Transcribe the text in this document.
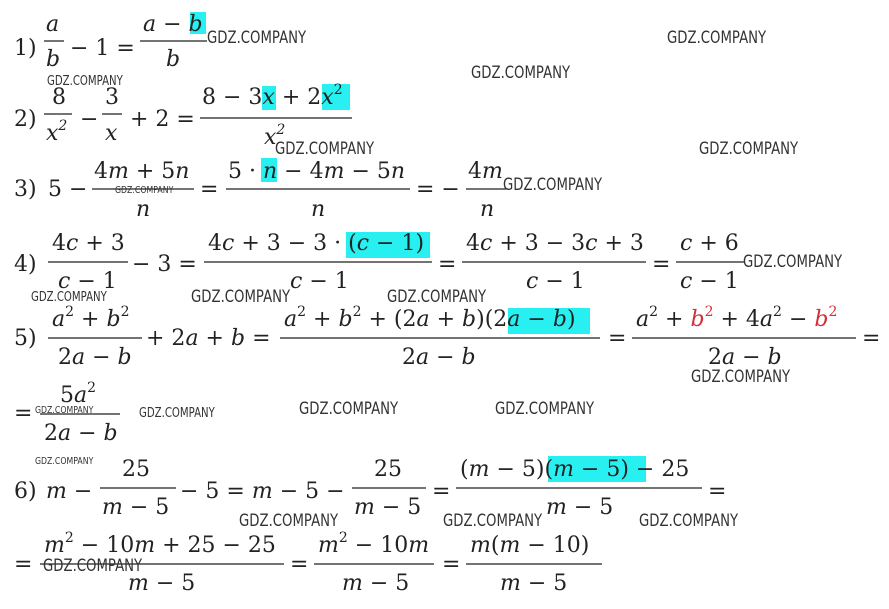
1)
a
b − 1 =
a − b
b
2)
8
$x^2$ −
3
x
+ 2 =
$8 - 3x + 2x^2$
$x^2$
3) 5 −
4m + 5n
n
=
5 · n − 4m − 5n
n
= −
4m
n
4)
4c + 3
c − 1
− 3 =
4c + 3 − 3 · (c − 1)
c − 1
=
4c + 3 − 3c + 3
c − 1
=
c + 6
c − 1
5)
$a^2 + b^2$
2a − b
+ 2a + b =
$a^2 + b^2 + (2a + b)(2a - b)$
2a − b
=
$a^2 + b^2 + 4a^2 - b^2$
2a − b
=
=
$5a^2$
2a − b
6) m −
25
m − 5
− 5 = m − 5 −
25
m − 5
=
(m − 5)(m − 5) − 25
m − 5
=
=
$m^2 - 10m + 25 - 25$
m − 5
=
$m^2 - 10m$
m − 5
=
m(m − 10)
m − 5
GDZ.COMPANY	GDZ.COMPANY
GDZ.COMPANY
GDZ.COMPANY
GDZ.COMPANY	GDZ.COMPANY
GDZ.COMPANY	GDZ.COMPANY
GDZ.COMPANY
GDZ.COMPANY	GDZ.COMPANY	GDZ.COMPANY
GDZ.COMPANY
GDZ.COMPANY	GDZ.COMPANY	GDZ.COMPANY	GDZ.COMPANY
GDZ.COMPANY
GDZ.COMPANY	GDZ.COMPANY	GDZ.COMPANY
GDZ.COMPANY
